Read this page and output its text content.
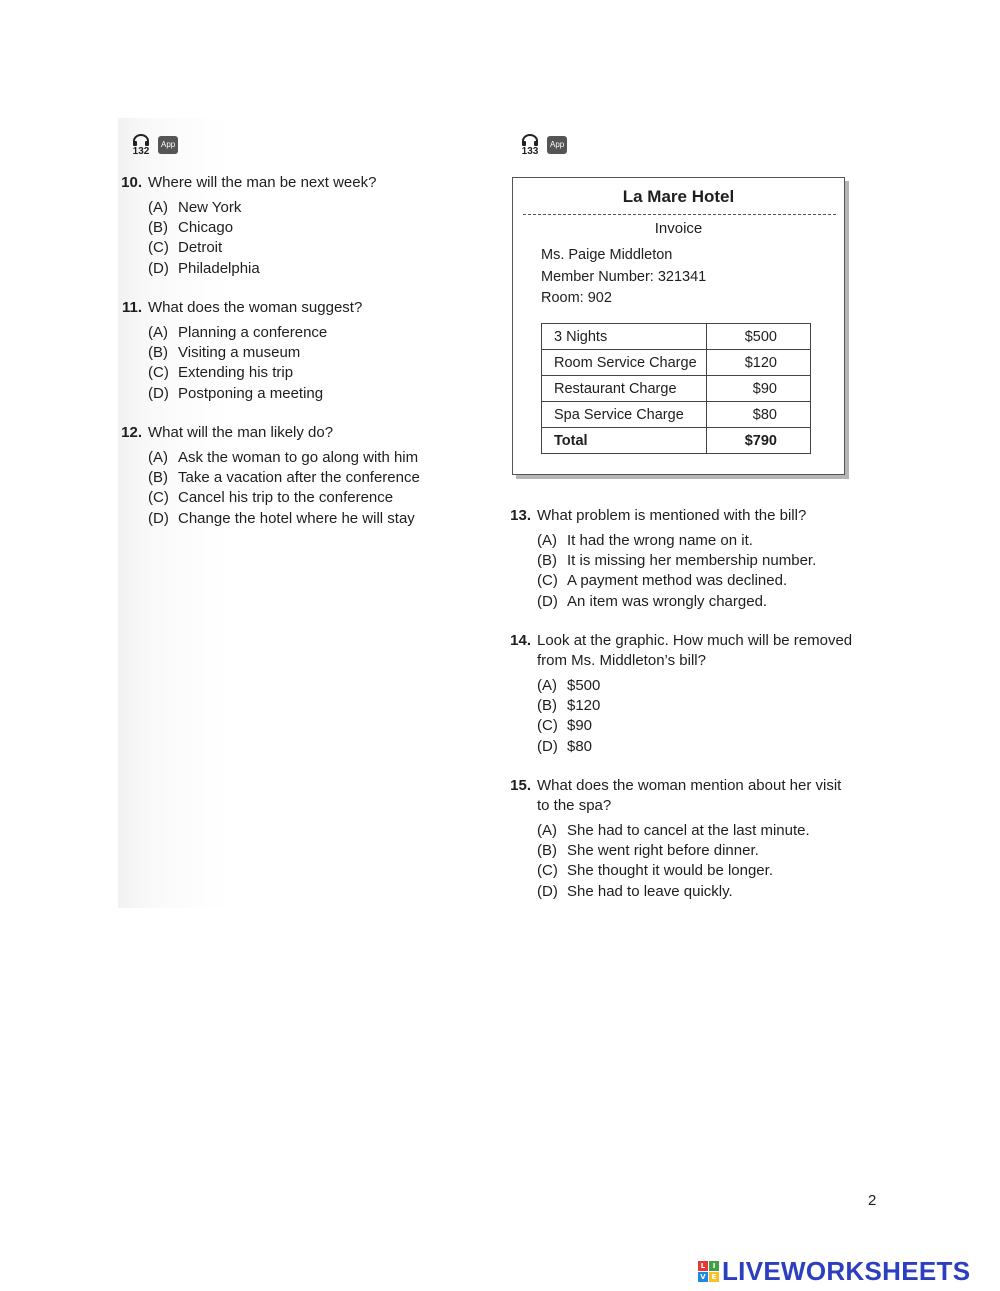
132
App
133
App
10. Where will the man be next week?
(A) New York
(B) Chicago
(C) Detroit
(D) Philadelphia
11. What does the woman suggest?
(A) Planning a conference
(B) Visiting a museum
(C) Extending his trip
(D) Postponing a meeting
12. What will the man likely do?
(A) Ask the woman to go along with him
(B) Take a vacation after the conference
(C) Cancel his trip to the conference
(D) Change the hotel where he will stay
La Mare Hotel
Invoice
Ms. Paige Middleton
Member Number: 321341
Room: 902
3 Nights	$500
Room Service Charge	$120
Restaurant Charge	$90
Spa Service Charge	$80
Total	$790
13. What problem is mentioned with the bill?
(A) It had the wrong name on it.
(B) It is missing her membership number.
(C) A payment method was declined.
(D) An item was wrongly charged.
14. Look at the graphic. How much will be removed
from Ms. Middleton’s bill?
(A) $500
(B) $120
(C) $90
(D) $80
15. What does the woman mention about her visit
to the spa?
(A) She had to cancel at the last minute.
(B) She went right before dinner.
(C) She thought it would be longer.
(D) She had to leave quickly.
2
L	I
V E LIVEWORKSHEETS
